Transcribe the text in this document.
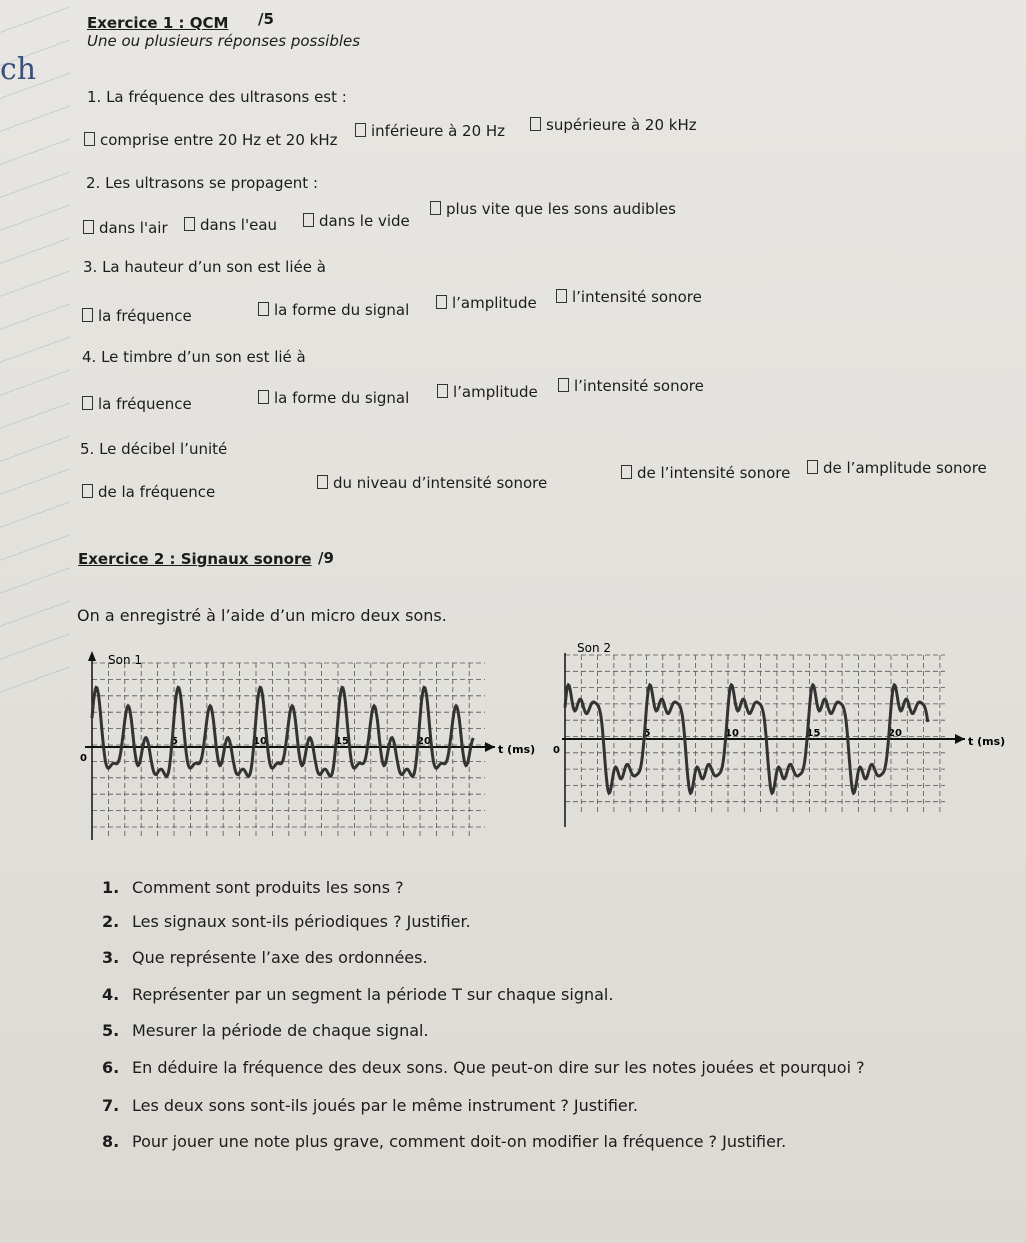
ch
Exercice 1 : QCM /5
Une ou plusieurs réponses possibles
1. La fréquence des ultrasons est :
comprise entre 20 Hz et 20 kHz	inférieure à 20 Hz	supérieure à 20 kHz
2. Les ultrasons se propagent :
dans l'air	dans l'eau	dans le vide
plus vite que les sons audibles
3. La hauteur d’un son est liée à
la fréquence	la forme du signal	l’amplitude	l’intensité sonore
4. Le timbre d’un son est lié à
la fréquence	la forme du signal	l’amplitude	l’intensité sonore
5. Le décibel l’unité
de la fréquence	du niveau d’intensité sonore
de l’intensité sonore	de l’amplitude sonore
Exercice 2 : Signaux sonore /9
On a enregistré à l’aide d’un micro deux sons.
Son 1
t (ms)
0
5	10	15	20
Son 2
t (ms)
0
5	10	15	20
1. Comment sont produits les sons ?
2. Les signaux sont-ils périodiques ? Justifier.
3. Que représente l’axe des ordonnées.
4. Représenter par un segment la période T sur chaque signal.
5. Mesurer la période de chaque signal.
6. En déduire la fréquence des deux sons. Que peut-on dire sur les notes jouées et pourquoi ?
7. Les deux sons sont-ils joués par le même instrument ? Justifier.
8. Pour jouer une note plus grave, comment doit-on modifier la fréquence ? Justifier.
